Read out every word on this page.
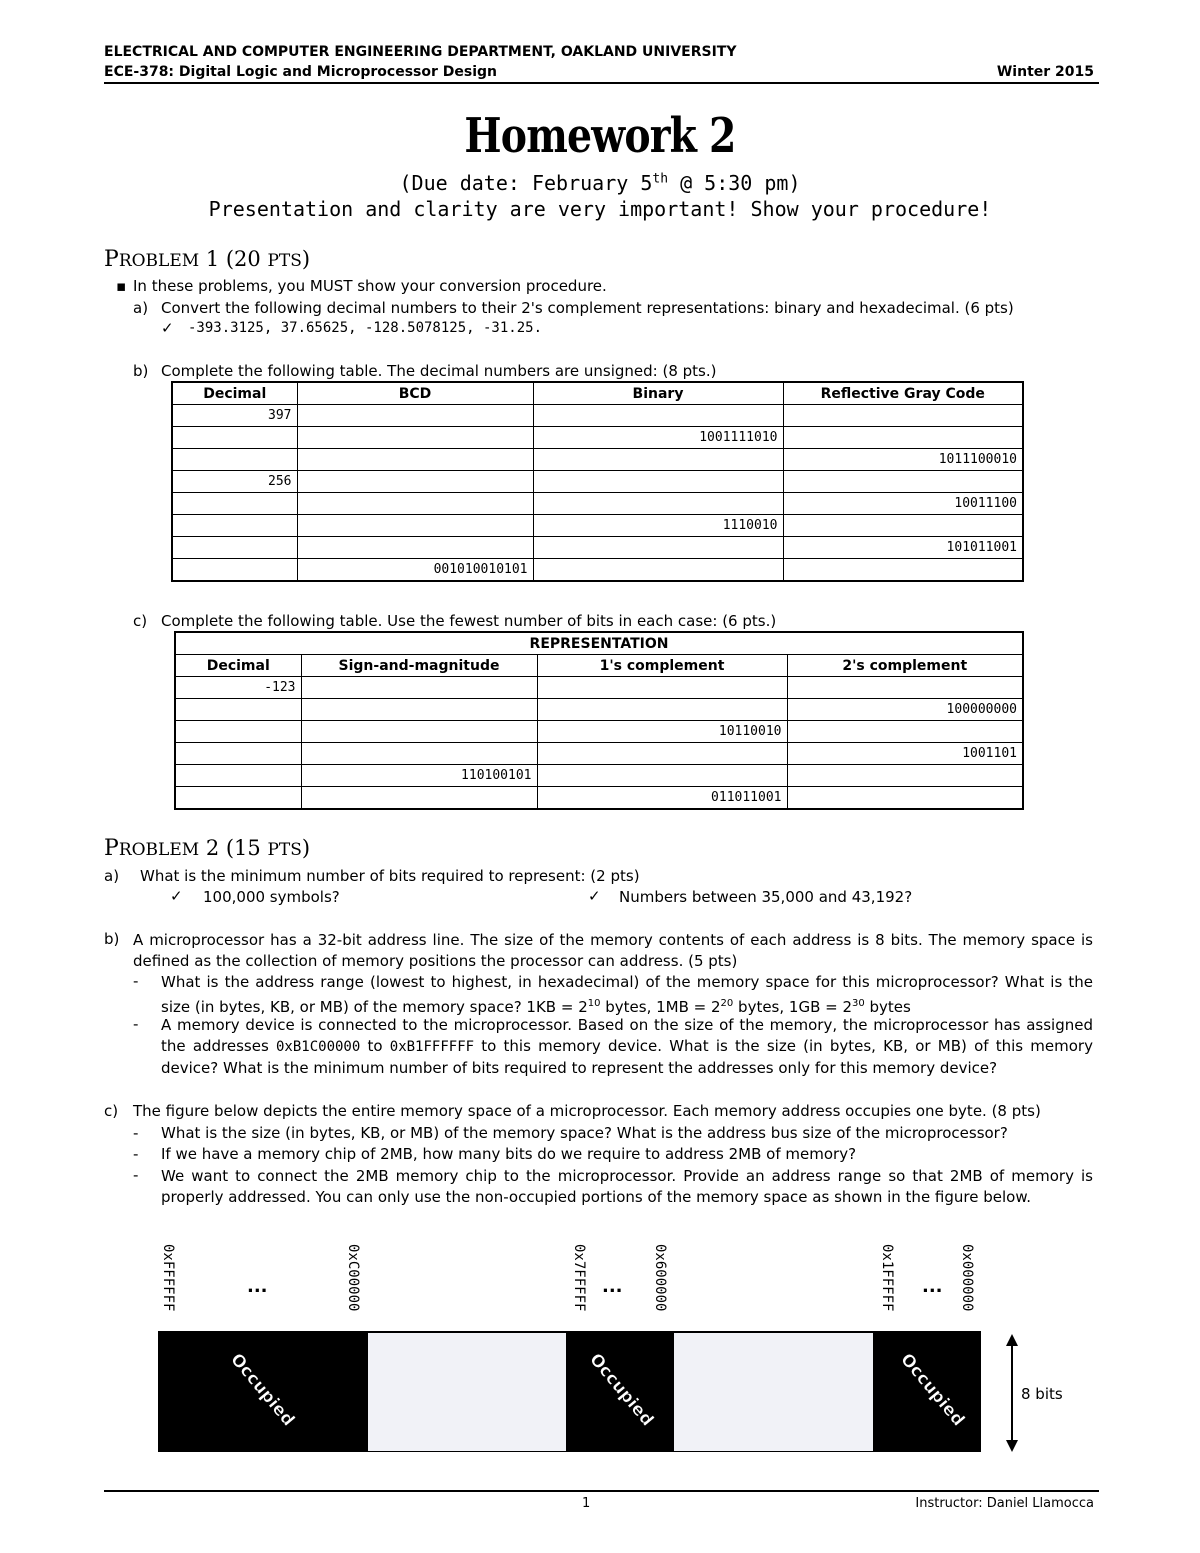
ELECTRICAL AND COMPUTER ENGINEERING DEPARTMENT, OAKLAND UNIVERSITY
ECE-378: Digital Logic and Microprocessor Design	Winter 2015
Homework 2
(Due date: February 5th @ 5:30 pm)
Presentation and clarity are very important! Show your procedure!
PROBLEM 1 (20 PTS)
▪ In these problems, you MUST show your conversion procedure.
a) Convert the following decimal numbers to their 2's complement representations: binary and hexadecimal. (6 pts)
✓ -393.3125, 37.65625, -128.5078125, -31.25.
b) Complete the following table. The decimal numbers are unsigned: (8 pts.)
Decimal	BCD	Binary	Reflective Gray Code
397			
		1001111010	
			1011100010
256			
			10011100
		1110010	
			101011001
	001010010101		
c) Complete the following table. Use the fewest number of bits in each case: (6 pts.)
REPRESENTATION			
Decimal	Sign-and-magnitude	1's complement	2's complement
-123			
			100000000
		10110010	
			1001101
	110100101		
		011011001	
PROBLEM 2 (15 PTS)
a) What is the minimum number of bits required to represent: (2 pts)
✓ 100,000 symbols?	✓ Numbers between 35,000 and 43,192?
b) A microprocessor has a 32-bit address line. The size of the memory contents of each address is 8 bits. The memory space is defined as the collection of memory positions the processor can address. (5 pts)
- What is the address range (lowest to highest, in hexadecimal) of the memory space for this microprocessor? What is the size (in bytes, KB, or MB) of the memory space? $1KB = 2^{10}$ bytes, $1MB = 2^{20}$ bytes, $1GB = 2^{30}$ bytes
- A memory device is connected to the microprocessor. Based on the size of the memory, the microprocessor has assigned the addresses 0xB1C00000 to 0xB1FFFFFF to this memory device. What is the size (in bytes, KB, or MB) of this memory device? What is the minimum number of bits required to represent the addresses only for this memory device?
c) The figure below depicts the entire memory space of a microprocessor. Each memory address occupies one byte. (8 pts)
- What is the size (in bytes, KB, or MB) of the memory space? What is the address bus size of the microprocessor?
- If we have a memory chip of 2MB, how many bits do we require to address 2MB of memory?
- We want to connect the 2MB memory chip to the microprocessor. Provide an address range so that 2MB of memory is properly addressed. You can only use the non-occupied portions of the memory space as shown in the figure below.
0xFFFFFF	0xC00000	0x7FFFFF	0x600000	0x1FFFFF	0x000000
...	...	...
Occupied	Occupied	Occupied	8 bits
1	Instructor: Daniel Llamocca
